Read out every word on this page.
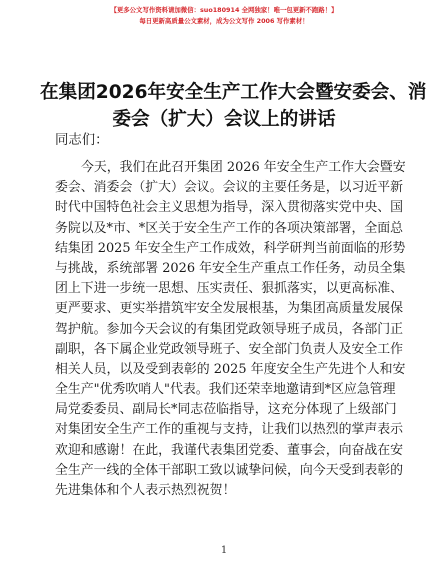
【更多公文写作资料请加微信：suo180914 全网独家！唯一包更新不跑路！】
每日更新高质量公文素材，成为公文写作 2006 写作素材！
在集团2026年安全生产工作大会暨安委会、消
委会（扩大）会议上的讲话
同志们：
今天，我们在此召开集团 2026 年安全生产工作大会暨安
委会、消委会（扩大）会议。会议的主要任务是，以习近平新
时代中国特色社会主义思想为指导，深入贯彻落实党中央、国
务院以及*市、*区关于安全生产工作的各项决策部署，全面总
结集团 2025 年安全生产工作成效，科学研判当前面临的形势
与挑战，系统部署 2026 年安全生产重点工作任务，动员全集
团上下进一步统一思想、压实责任、狠抓落实，以更高标准、
更严要求、更实举措筑牢安全发展根基，为集团高质量发展保
驾护航。参加今天会议的有集团党政领导班子成员，各部门正
副职，各下属企业党政领导班子、安全部门负责人及安全工作
相关人员，以及受到表彰的 2025 年度安全生产先进个人和安
全生产"优秀吹哨人"代表。我们还荣幸地邀请到*区应急管理
局党委委员、副局长*同志莅临指导，这充分体现了上级部门
对集团安全生产工作的重视与支持，让我们以热烈的掌声表示
欢迎和感谢！在此，我谨代表集团党委、董事会，向奋战在安
全生产一线的全体干部职工致以诚挚问候，向今天受到表彰的
先进集体和个人表示热烈祝贺！
1
